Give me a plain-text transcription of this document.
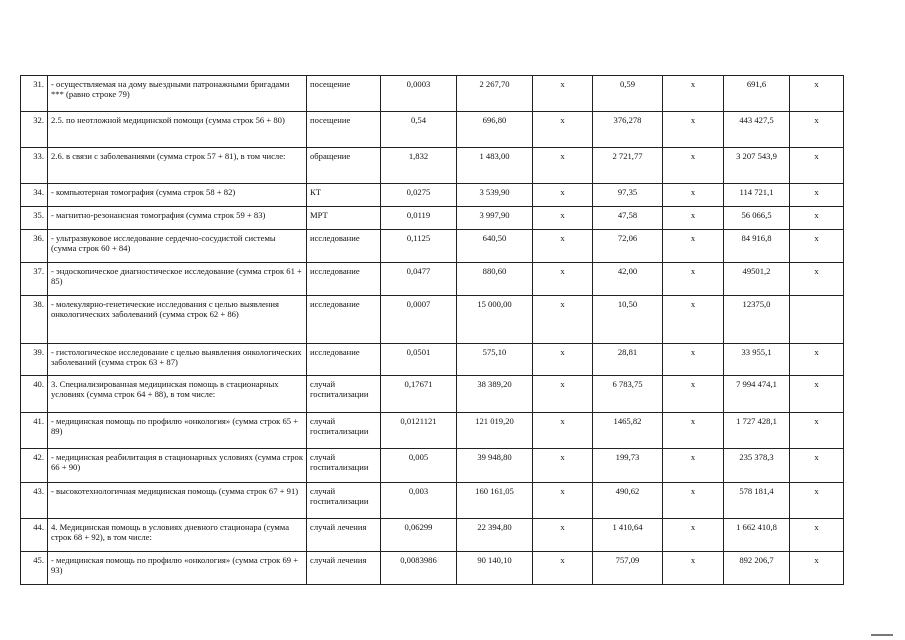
31.	- осуществляемая на дому выездными патронажными бригадами *** (равно строке 79)	посещение	0,0003	2 267,70	x	0,59	x	691,6	x
32.	2.5. по неотложной медицинской помощи (сумма строк 56 + 80)	посещение	0,54	696,80	x	376,278	x	443 427,5	x
33.	2.6. в связи с заболеваниями (сумма строк 57 + 81), в том числе:	обращение	1,832	1 483,00	x	2 721,77	x	3 207 543,9	x
34.	- компьютерная томография (сумма строк 58 + 82)	КТ	0,0275	3 539,90	x	97,35	x	114 721,1	x
35.	- магнитно-резонансная томография (сумма строк 59 + 83)	МРТ	0,0119	3 997,90	x	47,58	x	56 066,5	x
36.	- ультразвуковое исследование сердечно-сосудистой системы (сумма строк 60 + 84)	исследование	0,1125	640,50	x	72,06	x	84 916,8	x
37.	- эндоскопическое диагностическое исследование (сумма строк 61 + 85)	исследование	0,0477	880,60	x	42,00	x	49501,2	x
38.	- молекулярно-генетические исследования с целью выявления онкологических заболеваний (сумма строк 62 + 86)	исследование	0,0007	15 000,00	x	10,50	x	12375,0	
39.	- гистологическое исследование с целью выявления онкологических заболеваний (сумма строк 63 + 87)	исследование	0,0501	575,10	x	28,81	x	33 955,1	x
40.	3. Специализированная медицинская помощь в стационарных условиях (сумма строк 64 + 88), в том числе:	случай госпитализации	0,17671	38 389,20	x	6 783,75	x	7 994 474,1	x
41.	- медицинская помощь по профилю «онкология» (сумма строк 65 + 89)	случай госпитализации	0,0121121	121 019,20	x	1465,82	x	1 727 428,1	x
42.	- медицинская реабилитация в стационарных условиях (сумма строк 66 + 90)	случай госпитализации	0,005	39 948,80	x	199,73	x	235 378,3	x
43.	- высокотехнологичная медицинская помощь (сумма строк 67 + 91)	случай госпитализации	0,003	160 161,05	x	490,62	x	578 181,4	x
44.	4. Медицинская помощь в условиях дневного стационара (сумма строк 68 + 92), в том числе:	случай лечения	0,06299	22 394,80	x	1 410,64	x	1 662 410,8	x
45.	- медицинская помощь по профилю «онкология» (сумма строк 69 + 93)	случай лечения	0,0083986	90 140,10	x	757,09	x	892 206,7	x
